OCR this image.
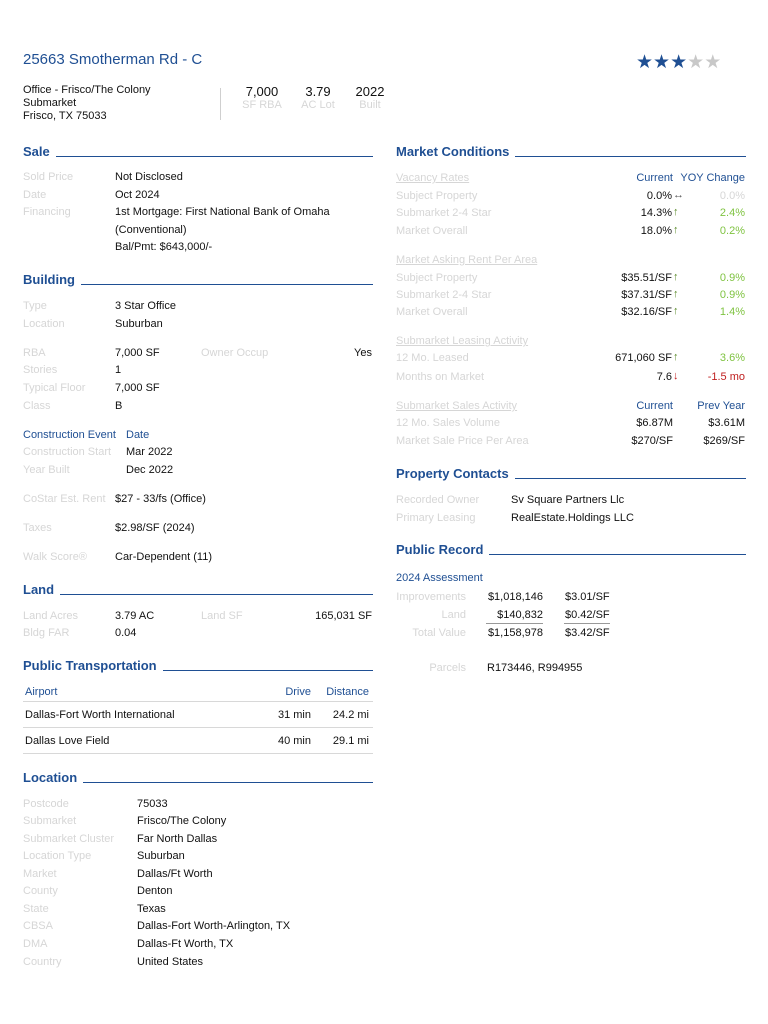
25663 Smotherman Rd - C	★★★★★
Office - Frisco/The Colony
Submarket
Frisco, TX 75033
7,000
SF RBA
3.79
AC Lot
2022
Built
Sale
Sold Price	Not Disclosed
Date	Oct 2024
Financing	1st Mortgage: First National Bank of Omaha
(Conventional)
Bal/Pmt: $643,000/-
Building
Type	3 Star Office
Location	Suburban
RBA	7,000 SF	Owner Occup	Yes
Stories	1
Typical Floor	7,000 SF
Class	B
Construction Event Date
Construction Start Mar 2022
Year Built	Dec 2022
CoStar Est. Rent $27 - 33/fs (Office)
Taxes	$2.98/SF (2024)
Walk Score®	Car-Dependent (11)
Land
Land Acres	3.79 AC	Land SF	165,031 SF
Bldg FAR	0.04
Public Transportation
Airport	Drive	Distance
Dallas-Fort Worth International	31 min	24.2 mi
Dallas Love Field	40 min	29.1 mi
Location
Postcode	75033
Submarket	Frisco/The Colony
Submarket Cluster Far North Dallas
Location Type	Suburban
Market	Dallas/Ft Worth
County	Denton
State	Texas
CBSA	Dallas-Fort Worth-Arlington, TX
DMA	Dallas-Ft Worth, TX
Country	United States
Market Conditions
Vacancy Rates	Current YOY Change
Subject Property	0.0% ↔	0.0%
Submarket 2-4 Star	14.3% ↑	2.4%
Market Overall	18.0% ↑	0.2%
Market Asking Rent Per Area
Subject Property	$35.51/SF ↑	0.9%
Submarket 2-4 Star	$37.31/SF ↑	0.9%
Market Overall	$32.16/SF ↑	1.4%
Submarket Leasing Activity
12 Mo. Leased	671,060 SF ↑	3.6%
Months on Market	7.6 ↓	-1.5 mo
Submarket Sales Activity	Current	Prev Year
12 Mo. Sales Volume	$6.87M	$3.61M
Market Sale Price Per Area	$270/SF	$269/SF
Property Contacts
Recorded Owner	Sv Square Partners Llc
Primary Leasing	RealEstate.Holdings LLC
Public Record
2024 Assessment
Improvements	$1,018,146 $3.01/SF
Land	$140,832 $0.42/SF
Total Value	$1,158,978 $3.42/SF
Parcels R173446, R994955
